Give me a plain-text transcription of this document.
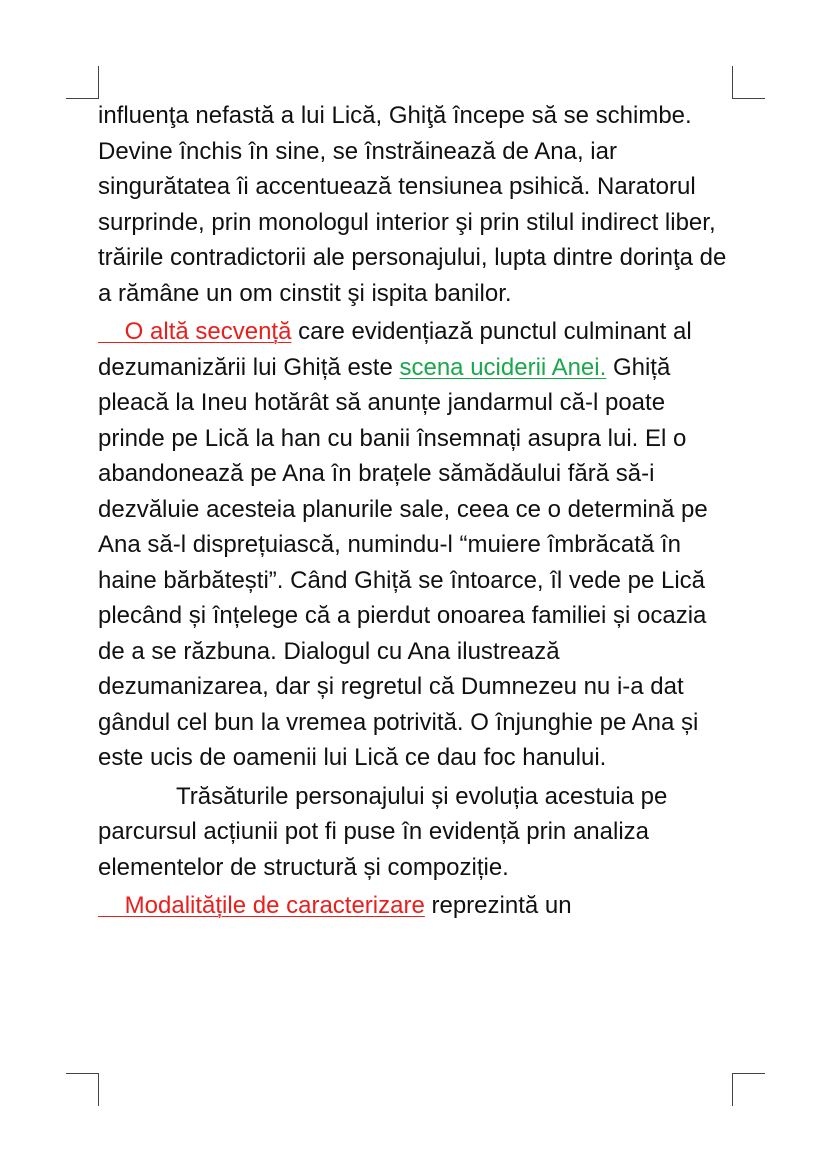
influenţa nefastă a lui Lică, Ghiţă începe să se schimbe. Devine închis în sine, se înstrăinează de Ana, iar singurătatea îi accentuează tensiunea psihică. Naratorul surprinde, prin monologul interior şi prin stilul indirect liber, trăirile contradictorii ale personajului, lupta dintre dorinţa de a rămâne un om cinstit şi ispita banilor.

O altă secvență care evidențiază punctul culminant al dezumanizării lui Ghiță este scena uciderii Anei. Ghiță pleacă la Ineu hotărât să anunțe jandarmul că-l poate prinde pe Lică la han cu banii însemnați asupra lui. El o abandonează pe Ana în brațele sămădăului fără să-i dezvăluie acesteia planurile sale, ceea ce o determină pe Ana să-l disprețuiască, numindu-l “muiere îmbrăcată în haine bărbătești”. Când Ghiță se întoarce, îl vede pe Lică plecând și înțelege că a pierdut onoarea familiei și ocazia de a se răzbuna. Dialogul cu Ana ilustrează dezumanizarea, dar și regretul că Dumnezeu nu i-a dat gândul cel bun la vremea potrivită. O înjunghie pe Ana și este ucis de oamenii lui Lică ce dau foc hanului.

Trăsăturile personajului și evoluția acestuia pe parcursul acțiunii pot fi puse în evidență prin analiza elementelor de structură și compoziție.

Modalitățile de caracterizare reprezintă un
